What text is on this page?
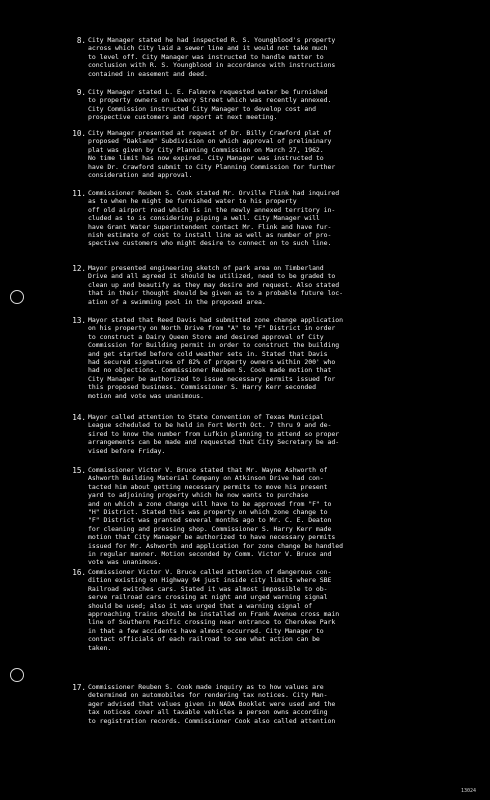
8. City Manager stated he had inspected R. S. Youngblood's property
across which City laid a sewer line and it would not take much
to level off. City Manager was instructed to handle matter to
conclusion with R. S. Youngblood in accordance with instructions
contained in easement and deed.
9. City Manager stated L. E. Falmore requested water be furnished
to property owners on Lowery Street which was recently annexed.
City Commission instructed City Manager to develop cost and
prospective customers and report at next meeting.
10. City Manager presented at request of Dr. Billy Crawford plat of
proposed "Oakland" Subdivision on which approval of preliminary
plat was given by City Planning Commission on March 27, 1962.
No time limit has now expired. City Manager was instructed to
have Dr. Crawford submit to City Planning Commission for further
consideration and approval.
11. Commissioner Reuben S. Cook stated Mr. Orville Flink had inquired
as to when he might be furnished water to his property
off old airport road which is in the newly annexed territory in-
cluded as to is considering piping a well. City Manager will
have Grant Water Superintendent contact Mr. Flink and have fur-
nish estimate of cost to install line as well as number of pro-
spective customers who might desire to connect on to such line.
12. Mayor presented engineering sketch of park area on Timberland
Drive and all agreed it should be utilized, need to be graded to
clean up and beautify as they may desire and request. Also stated
that in their thought should be given as to a probable future loc-
ation of a swimming pool in the proposed area.
13. Mayor stated that Reed Davis had submitted zone change application
on his property on North Drive from "A" to "F" District in order
to construct a Dairy Queen Store and desired approval of City
Commission for Building permit in order to construct the building
and get started before cold weather sets in. Stated that Davis
had secured signatures of 82% of property owners within 200' who
had no objections. Commissioner Reuben S. Cook made motion that
City Manager be authorized to issue necessary permits issued for
this proposed business. Commissioner S. Harry Kerr seconded
motion and vote was unanimous.
14. Mayor called attention to State Convention of Texas Municipal
League scheduled to be held in Fort Worth Oct. 7 thru 9 and de-
sired to know the number from Lufkin planning to attend so proper
arrangements can be made and requested that City Secretary be ad-
vised before Friday.
15. Commissioner Victor V. Bruce stated that Mr. Wayne Ashworth of
Ashworth Building Material Company on Atkinson Drive had con-
tacted him about getting necessary permits to move his present
yard to adjoining property which he now wants to purchase
and on which a zone change will have to be approved from "F" to
"H" District. Stated this was property on which zone change to
"F" District was granted several months ago to Mr. C. E. Deaton
for cleaning and pressing shop. Commissioner S. Harry Kerr made
motion that City Manager be authorized to have necessary permits
issued for Mr. Ashworth and application for zone change be handled
in regular manner. Motion seconded by Comm. Victor V. Bruce and
vote was unanimous.
16. Commissioner Victor V. Bruce called attention of dangerous con-
dition existing on Highway 94 just inside city limits where SBE
Railroad switches cars. Stated it was almost impossible to ob-
serve railroad cars crossing at night and urged warning signal
should be used; also it was urged that a warning signal of
approaching trains should be installed on Frank Avenue cross main
line of Southern Pacific crossing near entrance to Cherokee Park
in that a few accidents have almost occurred. City Manager to
contact officials of each railroad to see what action can be
taken.
17. Commissioner Reuben S. Cook made inquiry as to how values are
determined on automobiles for rendering tax notices. City Man-
ager advised that values given in NADA Booklet were used and the
tax notices cover all taxable vehicles a person owns according
to registration records. Commissioner Cook also called attention
13024
